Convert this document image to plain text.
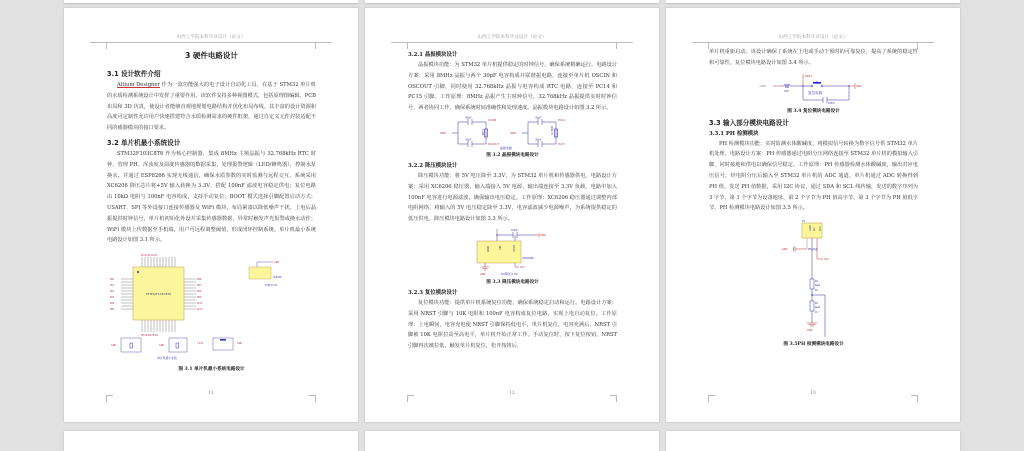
山西工学院本科毕业设计（论文）
3 硬件电路设计
3.1 设计软件介绍

Altium Designer 作为一款功能强大的电子设计自动化工具，在基于 STM32 单片机的水质检测系统设计中发挥了重要作用。该软件支持多种视图模式，包括原理图编辑、PCB 布局和 3D 仿真，使设计者能够直观地规划电路结构并优化布局布线。其丰富的设计资源和高度可定制性允许用户快速搭建符合水质检测需求的硬件框架，通过自定义元件封装适配不同的感器模块的接口要求。

3.2 单片机最小系统设计

STM32F103C8T6 作为核心控制器，集成 8MHz 主频晶振与 32.768kHz RTC 时钟，管理 PH、浑浊度及温度传感器的数据采集，处理报警逻辑（LED/蜂鸣器），控制水泵换水，并通过 ESP8266 实现无线通信，确保水质参数的实时监测与远程交互。系统采用 XC6206 降压芯片将+5V 输入转换为 3.3V，搭配 100nF 滤波电容稳定供电；复位电路由 10kΩ 电阻与 100nF 电容构成，支持手动复位；BOOT 模式选择引脚配置启动方式；USART、SPI 等外设接口连接传感器及 WiFi 模块，布局紧凑以降低噪声干扰。上电后晶振提供时钟信号，单片机初始化外设并采集传感器数据，异常时触发声光报警或换水动作；WiFi 模块上传数据至手机端，用户可远程调整阈值，形成闭环控制系统。单片机最小系统电路设计如图 3.1 所示。

PA PA PA PA PA
PB PB PB PB PB
PA0
PA2
PA4
PA6
PB0
PB2
PB9
PB7
PB5
PB3
PA15
PA13
STM32F103C8T6
GND
XC6206
5V降压3.3V
GND	GND
+3V3	GND
单片机最小系统
图 3.1 单片机最小系统电路设计
11
山西工学院本科毕业设计（论文）
3.2.1 晶振模块设计

晶振模块功能：为 STM32 单片机提供稳定的时钟信号，确保系统精确运行。电路设计方案：采用 8MHz 晶振与两个 30pF 电容构成并联谐振电路，连接至单片机 OSCIN 和 OSCOUT 引脚，同时使用 32.768kHz 晶振与电容构成 RTC 电路，连接至 PC14 和 PC15 引脚。工作原理：8MHz 晶振产生主时钟信号，32.768kHz 晶振提供实时时钟信号，两者协同工作，确保系统时间准确性和处理速度。晶振模块电路设计如图 3.2 所示。

30pF
30pF
30pF
30pF
OSCIN
OSCOUT
PC14
PC15
GND	GND
8MHz	32.768K
晶振电路
图 3.2 晶振模块电路设计
3.2.2 降压模块设计

降压模块功能：将 5V 电压降至 3.3V，为 STM32 单片机和传感器供电。电路设计方案：采用 XC6206 稳压器，输入端接入 5V 电源，输出端连接至 3.3V 负载，电路中加入 100nF 电容进行电源滤波，确保输出电压稳定。工作原理：XC6206 稳压器通过调整内部电阻网络，将输入的 5V 电压稳定降至 3.3V，电容滤波减少电源噪声，为系统提供稳定的低压供电。降压模块电路设计如图 3.3 所示。

GND	VIN	VOUT
100nF
GND
XC6206
3V3
GND	5V降压3.3V
图 3.3 降压模块电路设计
3.2.3 复位模块设计

复位模块功能：提供单片机系统复位功能，确保系统稳定启动和运行。电路设计方案：采用 NRST 引脚与 10K 电阻和 100nF 电容构成复位电路，实现上电自动复位。工作原理：上电瞬间，电容充电使 NRST 引脚保持低电平，单片机复位，电容充满后，NRST 引脚被 10K 电阻拉高至高电平，单片机开始正常工作。手动复位时，按下复位按钮，NRST 引脚再次被拉低，触发单片机复位，松开按钮后，

12
山西工学院本科毕业设计（论文）

单片机重新启动。该设计确保了系统在上电或手动干预时的可靠复位，提高了系统的稳定性和可靠性。复位模块电路设计如图 3.4 所示。

+3V3
10K
NRST
复位电路
GND
100nF
图 3.4 复位模块电路设计
3.3 输入部分模块电路设计
3.3.1 PH 检测模块

PH 检测模块功能：实时监测水体酸碱度，将模拟信号转换为数字信号供 STM32 单片机处理。电路设计方案：PH 传感器通过电阻分压网络连接至 STM32 单片机的模拟输入引脚，同时接地和供电以确保信号稳定。工作原理：PH 传感器检测水体酸碱度，输出对应电压信号，经电阻分压后输入至 STM32 单片机的 ADC 通道，单片机通过 ADC 转换得到 PH 值。发送 PH 值数据，采用 I2C 协议，通过 SDA 和 SCL 线传输，发送的数字序列为 3 字节，第 1 个字节为设备地址，第 2 个字节为 PH 值高字节，第 3 个字节为 PH 值低字节。PH 检测模块电路设计如图 3.5 所示。

P1
GND AO VCC
GND	PH传感器
VCC
R2
Res2
1K
R4
Res2
1K
GND
图 3.5PH 检测模块电路设计
13
